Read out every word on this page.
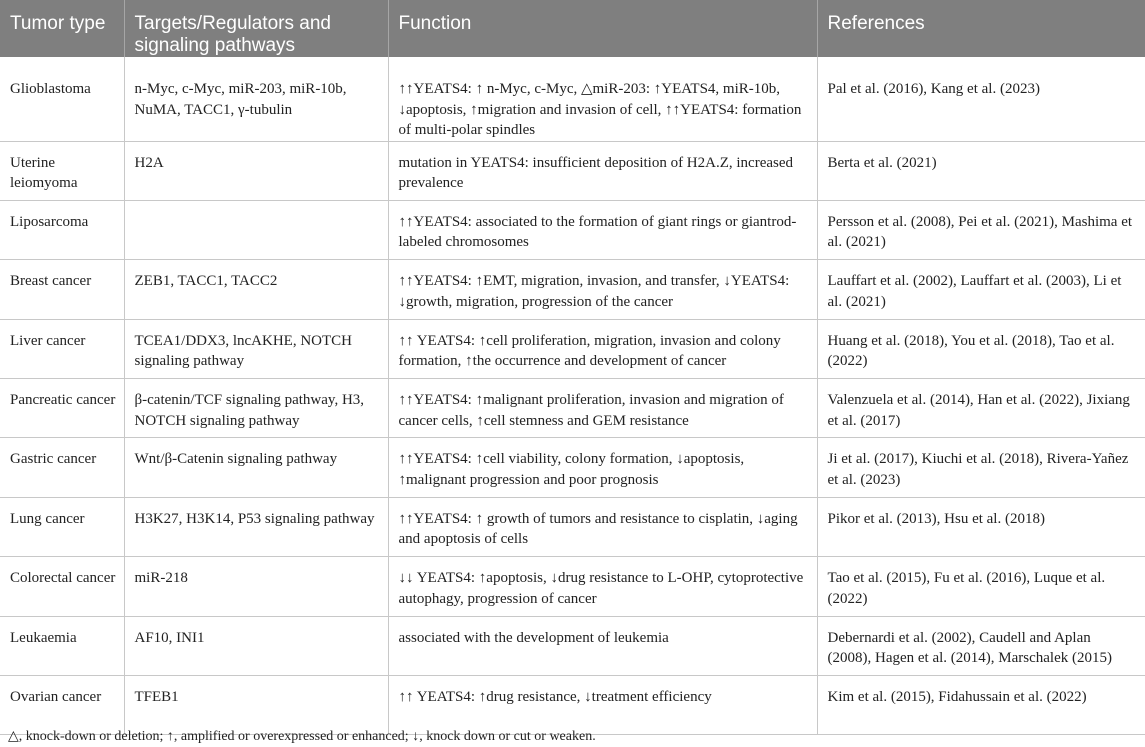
Tumor type	Targets/Regulators and signaling pathways	Function	References
Glioblastoma	n-Myc, c-Myc, miR-203, miR-10b, NuMA, TACC1, γ-tubulin	↑↑YEATS4: ↑ n-Myc, c-Myc, △miR-203: ↑YEATS4, miR-10b, ↓apoptosis, ↑migration and invasion of cell, ↑↑YEATS4: formation of multi-polar spindles	Pal et al. (2016), Kang et al. (2023)
Uterine leiomyoma	H2A	mutation in YEATS4: insufficient deposition of H2A.Z, increased prevalence	Berta et al. (2021)
Liposarcoma		↑↑YEATS4: associated to the formation of giant rings or giantrod-labeled chromosomes	Persson et al. (2008), Pei et al. (2021), Mashima et al. (2021)
Breast cancer	ZEB1, TACC1, TACC2	↑↑YEATS4: ↑EMT, migration, invasion, and transfer, ↓YEATS4: ↓growth, migration, progression of the cancer	Lauffart et al. (2002), Lauffart et al. (2003), Li et al. (2021)
Liver cancer	TCEA1/DDX3, lncAKHE, NOTCH signaling pathway	↑↑ YEATS4: ↑cell proliferation, migration, invasion and colony formation, ↑the occurrence and development of cancer	Huang et al. (2018), You et al. (2018), Tao et al. (2022)
Pancreatic cancer	β-catenin/TCF signaling pathway, H3, NOTCH signaling pathway	↑↑YEATS4: ↑malignant proliferation, invasion and migration of cancer cells, ↑cell stemness and GEM resistance	Valenzuela et al. (2014), Han et al. (2022), Jixiang et al. (2017)
Gastric cancer	Wnt/β-Catenin signaling pathway	↑↑YEATS4: ↑cell viability, colony formation, ↓apoptosis, ↑malignant progression and poor prognosis	Ji et al. (2017), Kiuchi et al. (2018), Rivera-Yañez et al. (2023)
Lung cancer	H3K27, H3K14, P53 signaling pathway	↑↑YEATS4: ↑ growth of tumors and resistance to cisplatin, ↓aging and apoptosis of cells	Pikor et al. (2013), Hsu et al. (2018)
Colorectal cancer	miR-218	↓↓ YEATS4: ↑apoptosis, ↓drug resistance to L-OHP, cytoprotective autophagy, progression of cancer	Tao et al. (2015), Fu et al. (2016), Luque et al. (2022)
Leukaemia	AF10, INI1	associated with the development of leukemia	Debernardi et al. (2002), Caudell and Aplan (2008), Hagen et al. (2014), Marschalek (2015)
Ovarian cancer	TFEB1	↑↑ YEATS4: ↑drug resistance, ↓treatment efficiency	Kim et al. (2015), Fidahussain et al. (2022)
△, knock-down or deletion; ↑, amplified or overexpressed or enhanced; ↓, knock down or cut or weaken.
